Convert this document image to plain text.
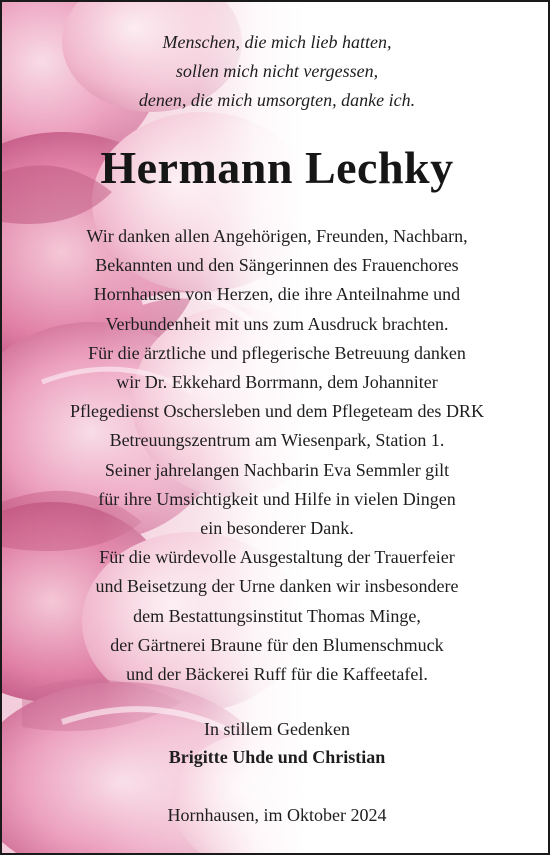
Menschen, die mich lieb hatten,
sollen mich nicht vergessen,
denen, die mich umsorgten, danke ich.
Hermann Lechky
Wir danken allen Angehörigen, Freunden, Nachbarn,
Bekannten und den Sängerinnen des Frauenchores
Hornhausen von Herzen, die ihre Anteilnahme und
Verbundenheit mit uns zum Ausdruck brachten.
Für die ärztliche und pflegerische Betreuung danken
wir Dr. Ekkehard Borrmann, dem Johanniter
Pflegedienst Oschersleben und dem Pflegeteam des DRK
Betreuungszentrum am Wiesenpark, Station 1.
Seiner jahrelangen Nachbarin Eva Semmler gilt
für ihre Umsichtigkeit und Hilfe in vielen Dingen
ein besonderer Dank.
Für die würdevolle Ausgestaltung der Trauerfeier
und Beisetzung der Urne danken wir insbesondere
dem Bestattungsinstitut Thomas Minge,
der Gärtnerei Braune für den Blumenschmuck
und der Bäckerei Ruff für die Kaffeetafel.
In stillem Gedenken
Brigitte Uhde und Christian
Hornhausen, im Oktober 2024
